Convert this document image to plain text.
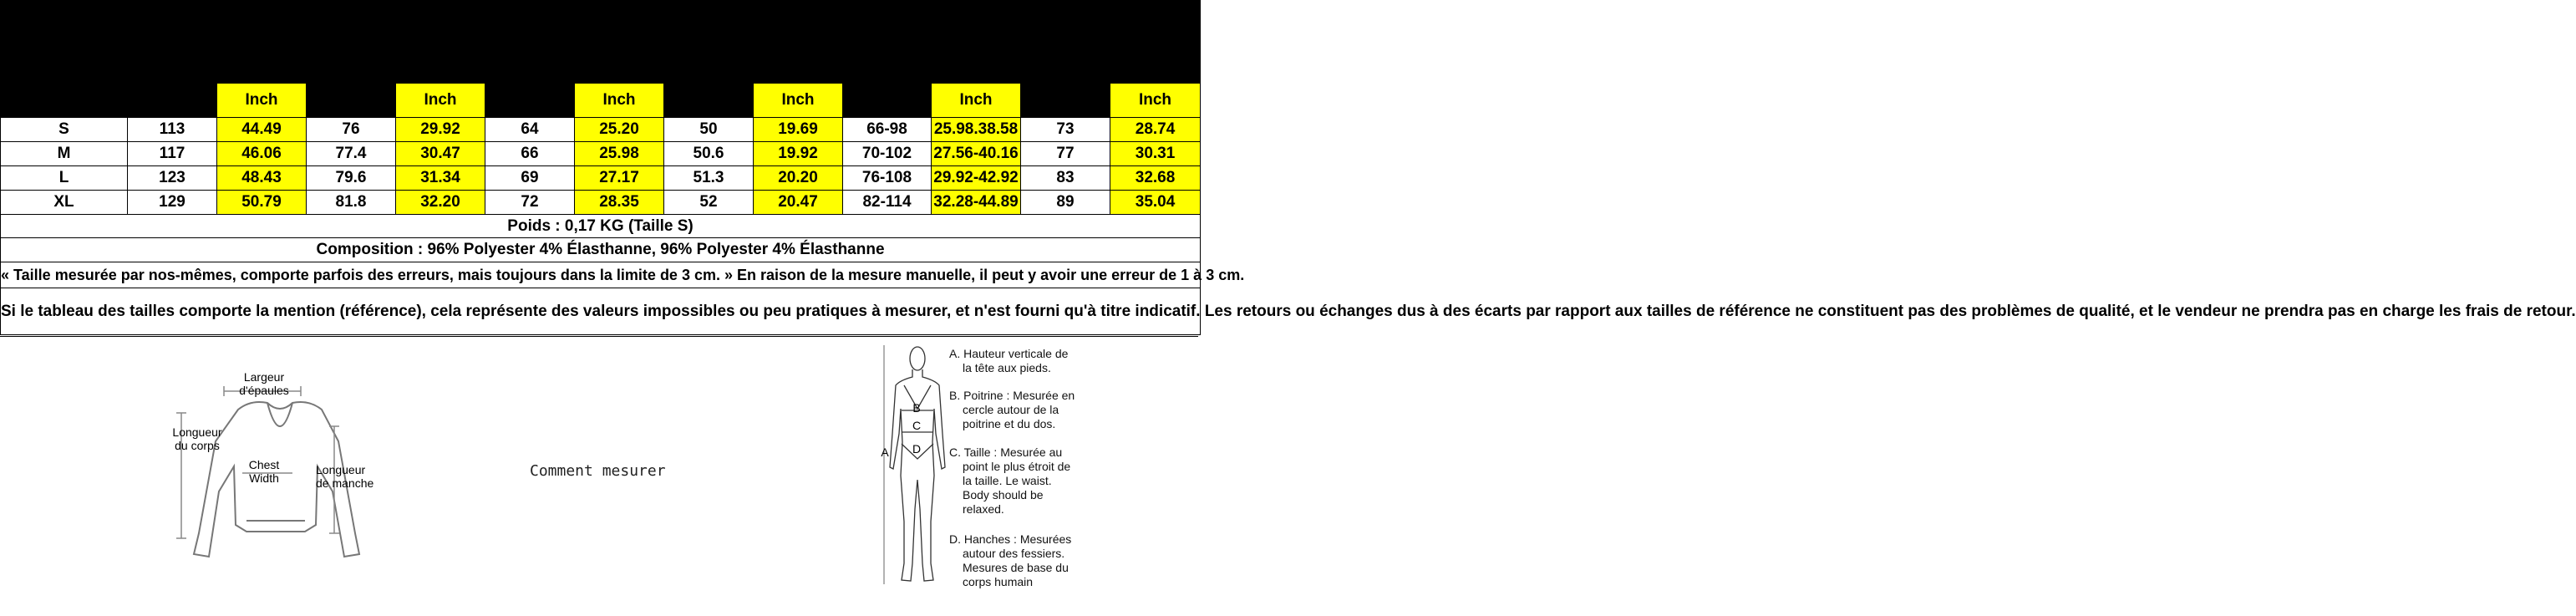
Taille	Tableau des tailles et mesures											
	Tour de poitrine		Longueur		Largeur d'épaule		Longueur de manche		Tour de taille		Tour de hanches	
	cm	Inch	cm	Inch	cm	Inch	cm	Inch	cm	Inch	cm	Inch
S	113	44.49	76	29.92	64	25.20	50	19.69	66-98	25.98.38.58	73	28.74
M	117	46.06	77.4	30.47	66	25.98	50.6	19.92	70-102	27.56-40.16	77	30.31
L	123	48.43	79.6	31.34	69	27.17	51.3	20.20	76-108	29.92-42.92	83	32.68
XL	129	50.79	81.8	32.20	72	28.35	52	20.47	82-114	32.28-44.89	89	35.04
Poids : 0,17 KG (Taille S)												
Composition : 96% Polyester 4% Élasthanne, 96% Polyester 4% Élasthanne												
« Taille mesurée par nos-mêmes, comporte parfois des erreurs, mais toujours dans la limite de 3 cm. » En raison de la mesure manuelle, il peut y avoir une erreur de 1 à 3 cm.												
Si le tableau des tailles comporte la mention (référence), cela représente des valeurs impossibles ou peu pratiques à mesurer, et n'est fourni qu'à titre indicatif. Les retours ou échanges dus à des écarts par rapport aux tailles de référence ne constituent pas des problèmes de qualité, et le vendeur ne prendra pas en charge les frais de retour.												
Largeur
d'épaules
Longueur
du corps
Chest
Width
Longueur
de manche
Comment mesurer
A
B
C
D
A. Hauteur verticale de
la tête aux pieds.
B. Poitrine : Mesurée en
cercle autour de la
poitrine et du dos.
C. Taille : Mesurée au
point le plus étroit de
la taille. Le waist.
Body should be
relaxed.
D. Hanches : Mesurées
autour des fessiers.
Mesures de base du
corps humain
